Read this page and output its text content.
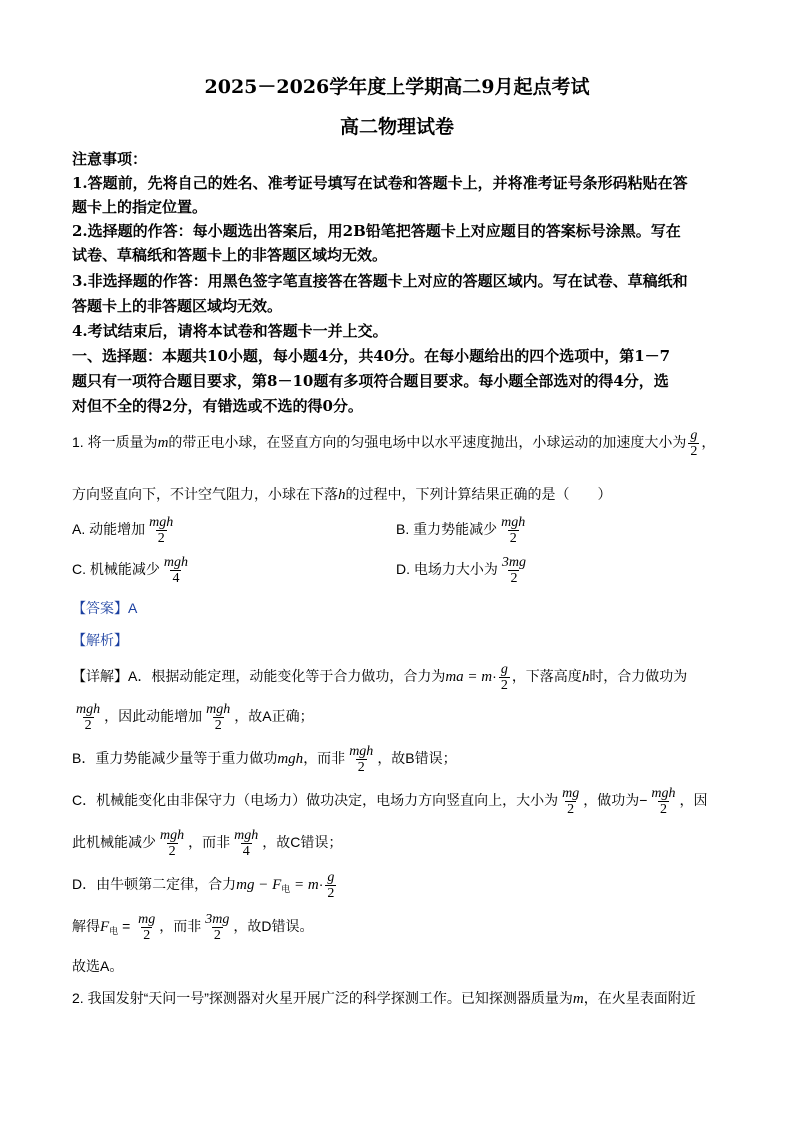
2025－2026学年度上学期高二9月起点考试
高二物理试卷
注意事项：
1.答题前，先将自己的姓名、准考证号填写在试卷和答题卡上，并将准考证号条形码粘贴在答
题卡上的指定位置。
2.选择题的作答：每小题选出答案后，用2B铅笔把答题卡上对应题目的答案标号涂黑。写在
试卷、草稿纸和答题卡上的非答题区域均无效。
3.非选择题的作答：用黑色签字笔直接答在答题卡上对应的答题区域内。写在试卷、草稿纸和
答题卡上的非答题区域均无效。
4.考试结束后，请将本试卷和答题卡一并上交。
一、选择题：本题共10小题，每小题4分，共40分。在每小题给出的四个选项中，第1－7
题只有一项符合题目要求，第8－10题有多项符合题目要求。每小题全部选对的得4分，选
对但不全的得2分，有错选或不选的得0分。
1. 将一质量为m的带正电小球，在竖直方向的匀强电场中以水平速度抛出，小球运动的加速度大小为 $\frac{g}{2}$ ，
方向竖直向下，不计空气阻力，小球在下落h的过程中，下列计算结果正确的是（　　）
A. 动能增加 $\frac{\text{mgh}}{2}$	B. 重力势能减少 $\frac{\text{mgh}}{2}$
C. 机械能减少 $\frac{\text{mgh}}{4}$	D. 电场力大小为 $\frac{3mg}{2}$
【答案】A
【解析】
【详解】A．根据动能定理，动能变化等于合力做功，合力为ma = $m\cdot \frac{g}{2}$ ，下落高度h时，合力做功为
$\frac{\text{mgh}}{2}$ ，因此动能增加 $\frac{\text{mgh}}{2}$ ，故A正确；
B．重力势能减少量等于重力做功mgh，而非 $\frac{\text{mgh}}{2}$ ，故B错误；
C．机械能变化由非保守力（电场力）做功决定，电场力方向竖直向上，大小为 $\frac{mg}{2}$ ，做功为− $\frac{\text{mgh}}{2}$ ，因
此机械能减少 $\frac{\text{mgh}}{2}$ ，而非 $\frac{\text{mgh}}{4}$ ，故C错误；
D．由牛顿第二定律，合力mg − $F_电 = m\cdot \frac{g}{2}$
解得$F_电 = \frac{mg}{2}$ ，而非 $\frac{3mg}{2}$ ，故D错误。
故选A。
2. 我国发射“天问一号”探测器对火星开展广泛的科学探测工作。已知探测器质量为m，在火星表面附近
